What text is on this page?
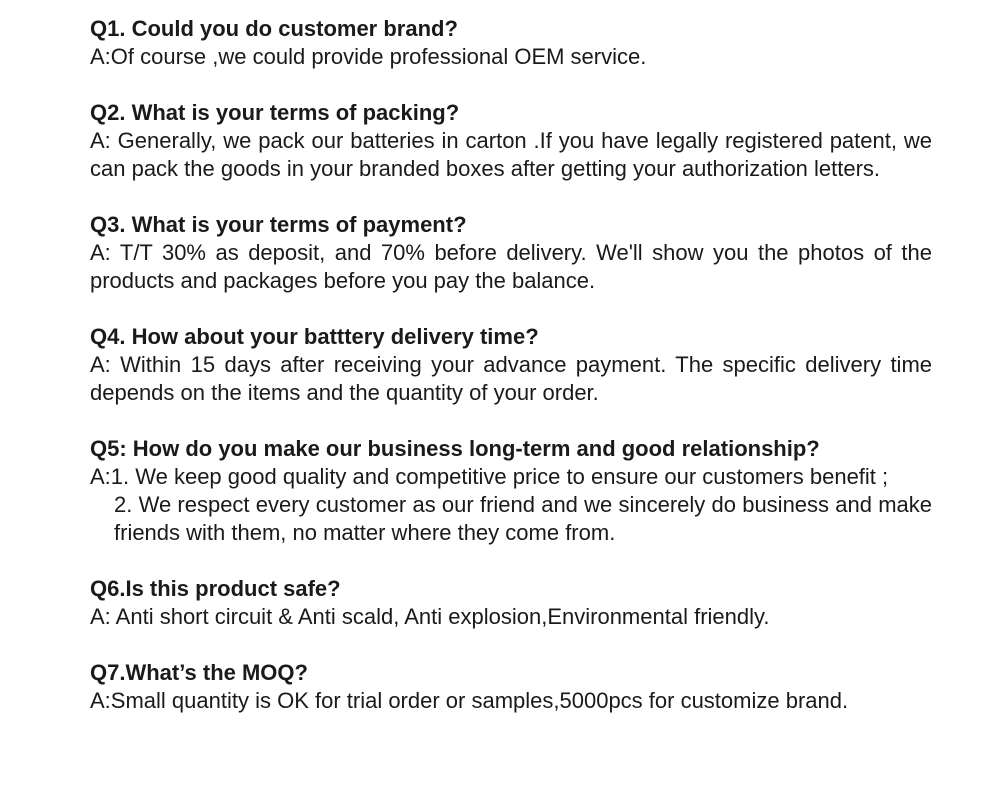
Q1. Could you do customer brand?
A:Of course ,we could provide professional OEM service.
Q2. What is your terms of packing?
A: Generally, we pack our batteries in carton .If you have legally registered patent, we can pack the goods in your branded boxes after getting your authorization letters.
Q3. What is your terms of payment?
A: T/T 30% as deposit, and 70% before delivery. We'll show you the photos of the products and packages before you pay the balance.
Q4. How about your batttery delivery time?
A: Within 15 days after receiving your advance payment. The specific delivery time depends on the items and the quantity of your order.
Q5: How do you make our business long-term and good relationship?
A:1. We keep good quality and competitive price to ensure our customers benefit ;
2. We respect every customer as our friend and we sincerely do business and make friends with them, no matter where they come from.
Q6.Is this product safe?
A: Anti short circuit & Anti scald, Anti explosion,Environmental friendly.
Q7.What’s the MOQ?
A:Small quantity is OK for trial order or samples,5000pcs for customize brand.
